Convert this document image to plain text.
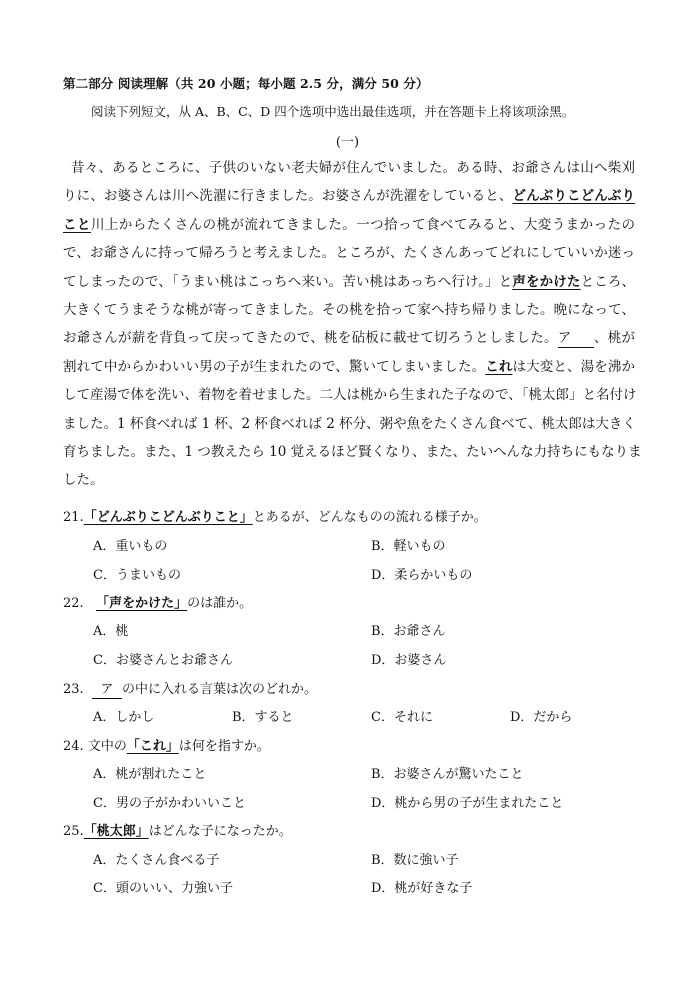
第二部分 阅读理解（共 20 小题；每小题 2.5 分，满分 50 分）
阅读下列短文，从 A、B、C、D 四个选项中选出最佳选项，并在答题卡上将该项涂黑。
(一)
昔々、あるところに、子供のいない老夫婦が住んでいました。ある時、お爺さんは山へ柴刈
りに、お婆さんは川へ洗濯に行きました。お婆さんが洗濯をしていると、どんぶりこどんぶり
こと川上からたくさんの桃が流れてきました。一つ拾って食べてみると、大変うまかったの
で、お爺さんに持って帰ろうと考えました。ところが、たくさんあってどれにしていいか迷っ
てしまったので、「うまい桃はこっちへ来い。苦い桃はあっちへ行け。」と声をかけたところ、
大きくてうまそうな桃が寄ってきました。その桃を拾って家へ持ち帰りました。晩になって、
お爺さんが薪を背負って戻ってきたので、桃を砧板に載せて切ろうとしました。ア 、桃が
割れて中からかわいい男の子が生まれたので、驚いてしまいました。これは大変と、湯を沸か
して産湯で体を洗い、着物を着せました。二人は桃から生まれた子なので、「桃太郎」と名付け
ました。1 杯食べれば 1 杯、2 杯食べれば 2 杯分、粥や魚をたくさん食べて、桃太郎は大きく
育ちました。また、1 つ教えたら 10 覚えるほど賢くなり、また、たいへんな力持ちにもなりま
した。
21.「どんぶりこどんぶりこと」とあるが、どんなものの流れる様子か。
A．重いもの	B．軽いもの
C．うまいもの	D．柔らかいもの
22. 「声をかけた」のは誰か。
A．桃	B．お爺さん
C．お婆さんとお爺さん	D．お婆さん
23. ア の中に入れる言葉は次のどれか。
A．しかし	B．すると	C．それに	D．だから
24. 文中の「これ」は何を指すか。
A．桃が割れたこと	B．お婆さんが驚いたこと
C．男の子がかわいいこと	D．桃から男の子が生まれたこと
25.「桃太郎」はどんな子になったか。
A．たくさん食べる子	B．数に強い子
C．頭のいい、力強い子	D．桃が好きな子
